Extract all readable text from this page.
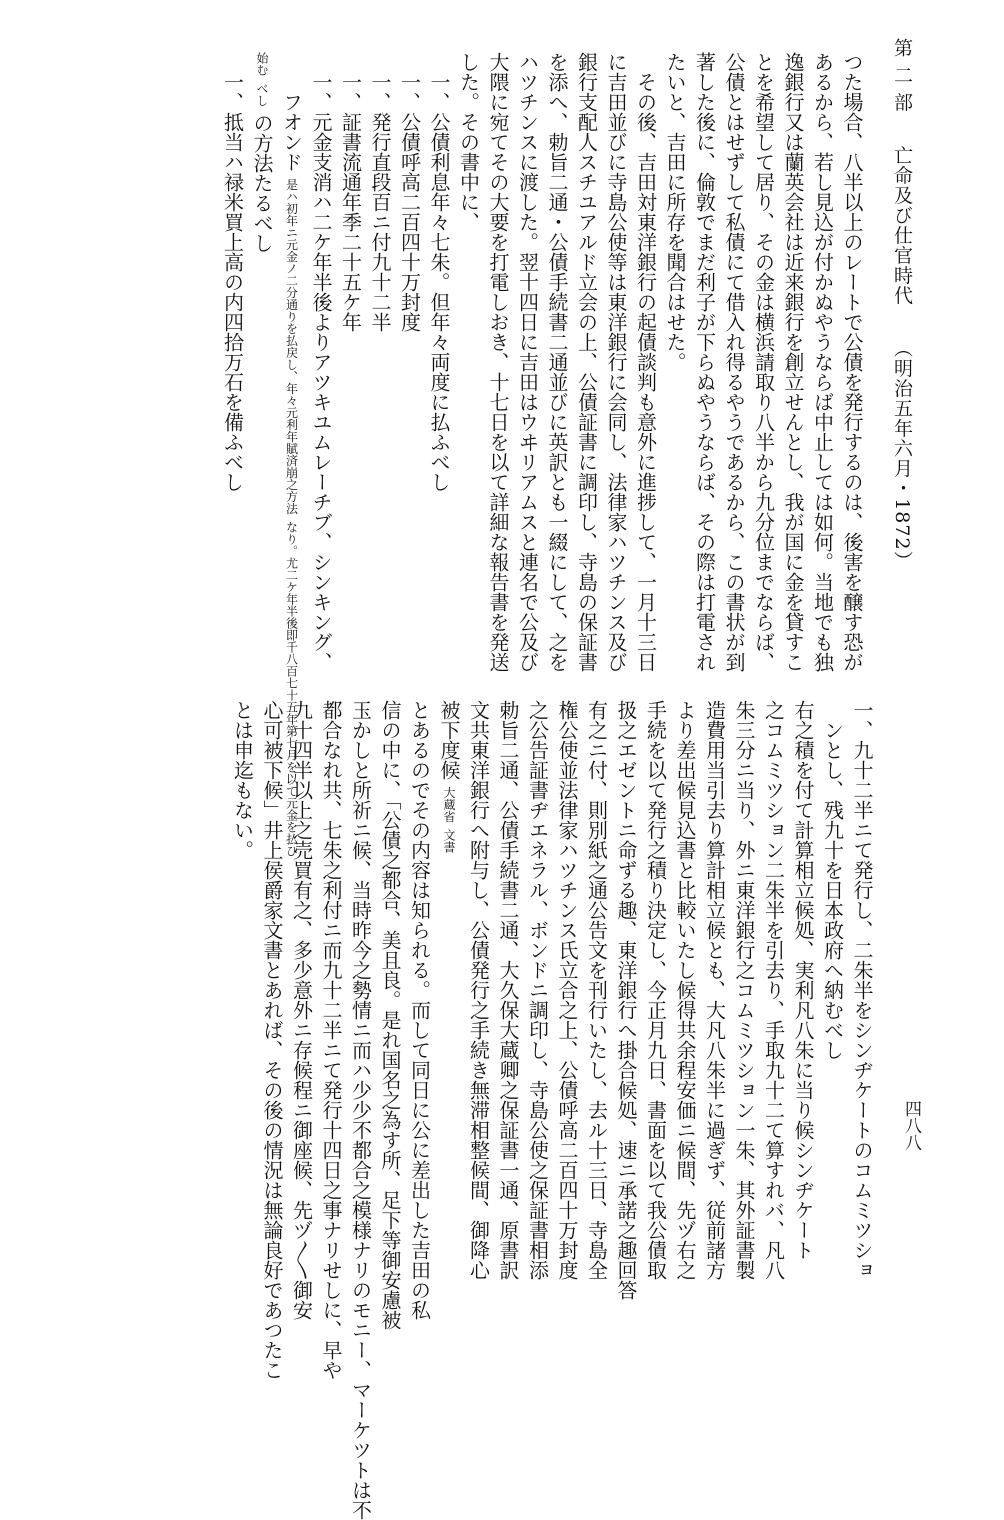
第 二 部 亡命及び仕官時代 （明治五年六月・1872）
四八八
つた場合、八半以上のレートで公債を発行するのは、後害を醸す恐が
あるから、若し見込が付かぬやうならば中止しては如何。当地でも独
逸銀行又は蘭英会社は近来銀行を創立せんとし、我が国に金を貸すこ
とを希望して居り、その金は横浜請取り八半から九分位までならば、
公債とはせずして私債にて借入れ得るやうであるから、この書状が到
著した後に、倫敦でまだ利子が下らぬやうならば、その際は打電され
たいと、吉田に所存を聞合はせた。
　その後、吉田対東洋銀行の起債談判も意外に進捗して、一月十三日
に吉田並びに寺島公使等は東洋銀行に会同し、法律家ハツチンス及び
銀行支配人スチユアルド立会の上、公債証書に調印し、寺島の保証書
を添へ、勅旨二通・公債手続書二通並びに英訳とも一綴にして、之を
ハツチンスに渡した。翌十四日に吉田はウヰリアムスと連名で公及び
大隈に宛てその大要を打電しおき、十七日を以て詳細な報告書を発送
した。その書中に、
　一、公債利息年々七朱。但年々両度に払ふべし
　一、公債呼高二百四十万封度
　一、発行直段百ニ付九十二半
　一、証書流通年季二十五ケ年
　一、元金支消ハ二ケ年半後よりアツキユムレーチブ、シンキング、
　　フオンド 是ハ初年ニ元金ノ二分通りを払戻し、年々元利年賦済崩之方法 なり。尤二ケ年半後即千八百七十五年第七月を以て元金を払ひ
始む べし の方法たるべし
　一、抵当ハ禄米買上高の内四拾万石を備ふべし
一、九十二半ニて発行し、二朱半をシンヂケートのコムミツショ
　ンとし、残九十を日本政府へ納むべし
右之積を付て計算相立候処、実利凡八朱に当り候シンヂケート
之コムミツション二朱半を引去り、手取九十二て算すれバ、凡八
朱三分ニ当り、外ニ東洋銀行之コムミツション一朱、其外証書製
造費用当引去り算計相立候とも、大凡八朱半に過ぎず、従前諸方
より差出候見込書と比較いたし候得共余程安価ニ候間、先ヅ右之
手続を以て発行之積り決定し、今正月九日、書面を以て我公債取
扱之エゼントニ命ずる趣、東洋銀行へ掛合候処、速ニ承諾之趣回答
有之ニ付、則別紙之通公告文を刊行いたし、去ル十三日、寺島全
権公使並法律家ハツチンス氏立合之上、公債呼高二百四十万封度
之公告証書ヂエネラル、ボンドニ調印し、寺島公使之保証書相添
勅旨二通、公債手続書二通、大久保大蔵卿之保証書一通、原書訳
文共東洋銀行へ附与し、公債発行之手続き無滞相整候間、御降心
被下度候 大蔵省 文書
とあるのでその内容は知られる。而して同日に公に差出した吉田の私
信の中に、「公債之都合、美且良。是れ国名之為す所、足下等御安慮被
玉かしと所祈ニ候、当時昨今之勢情ニ而ハ少少不都合之模様ナリのモニー、マーケツトは不
都合なれ共、七朱之利付ニ而九十二半ニて発行十四日之事ナリせしに、早や
九十四半以上之売買有之、多少意外ニ存候程ニ御座候、先ヅ〳〵御安
心可被下候」井上侯爵家文書とあれば、その後の情況は無論良好であつたこ
とは申迄もない。
